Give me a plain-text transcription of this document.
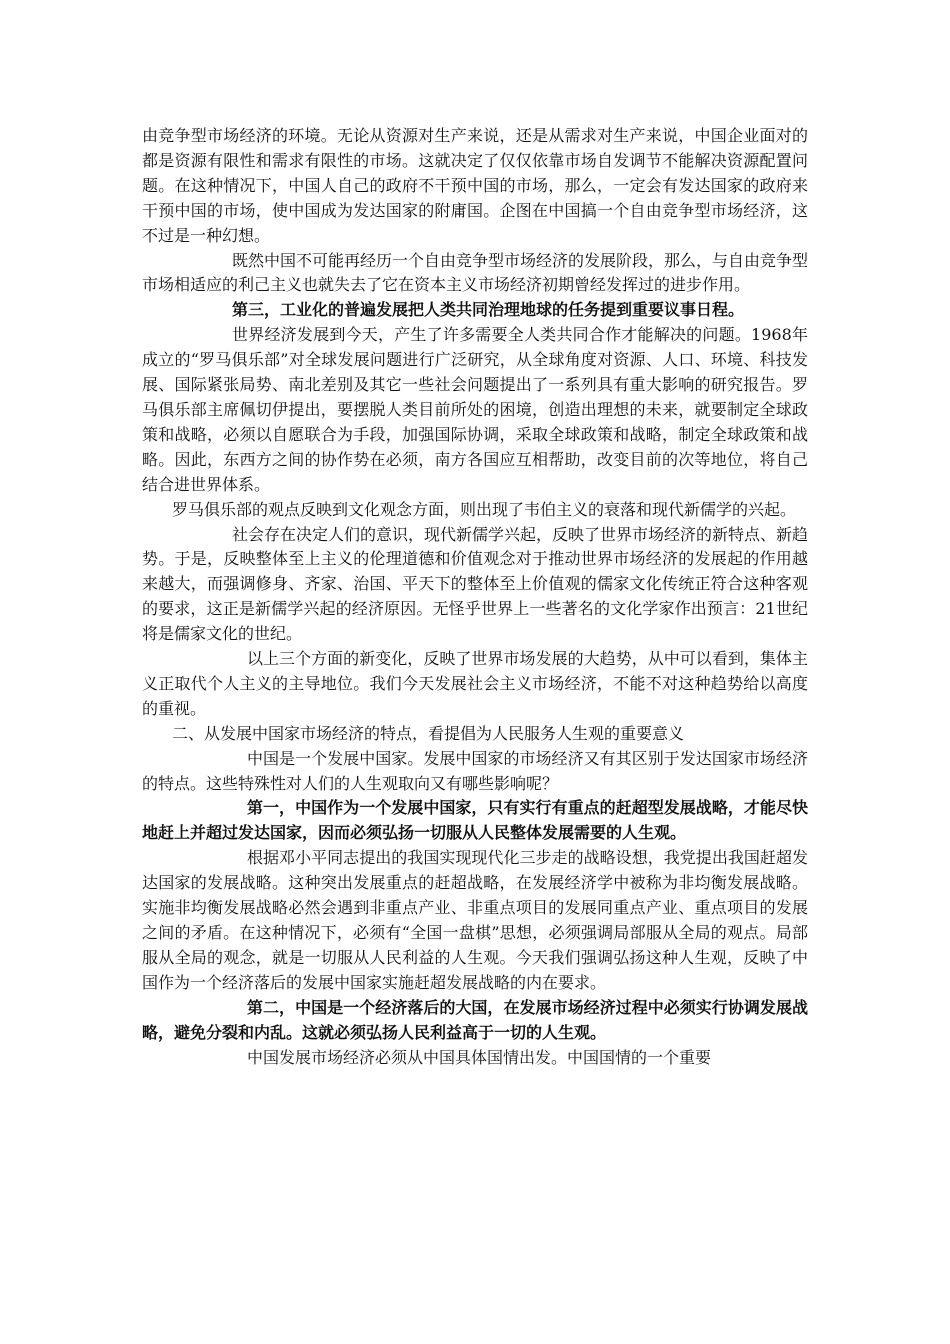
由竞争型市场经济的环境。无论从资源对生产来说，还是从需求对生产来说，中国企业面对的都是资源有限性和需求有限性的市场。这就决定了仅仅依靠市场自发调节不能解决资源配置问题。在这种情况下，中国人自己的政府不干预中国的市场，那么，一定会有发达国家的政府来干预中国的市场，使中国成为发达国家的附庸国。企图在中国搞一个自由竞争型市场经济，这不过是一种幻想。

既然中国不可能再经历一个自由竞争型市场经济的发展阶段，那么，与自由竞争型市场相适应的利己主义也就失去了它在资本主义市场经济初期曾经发挥过的进步作用。

第三，工业化的普遍发展把人类共同治理地球的任务提到重要议事日程。

世界经济发展到今天，产生了许多需要全人类共同合作才能解决的问题。1968年成立的“罗马俱乐部”对全球发展问题进行广泛研究，从全球角度对资源、人口、环境、科技发展、国际紧张局势、南北差别及其它一些社会问题提出了一系列具有重大影响的研究报告。罗马俱乐部主席佩切伊提出，要摆脱人类目前所处的困境，创造出理想的未来，就要制定全球政策和战略，必须以自愿联合为手段，加强国际协调，采取全球政策和战略，制定全球政策和战略。因此，东西方之间的协作势在必须，南方各国应互相帮助，改变目前的次等地位，将自己结合进世界体系。

罗马俱乐部的观点反映到文化观念方面，则出现了韦伯主义的衰落和现代新儒学的兴起。

社会存在决定人们的意识，现代新儒学兴起，反映了世界市场经济的新特点、新趋势。于是，反映整体至上主义的伦理道德和价值观念对于推动世界市场经济的发展起的作用越来越大，而强调修身、齐家、治国、平天下的整体至上价值观的儒家文化传统正符合这种客观的要求，这正是新儒学兴起的经济原因。无怪乎世界上一些著名的文化学家作出预言：21世纪将是儒家文化的世纪。

以上三个方面的新变化，反映了世界市场发展的大趋势，从中可以看到，集体主义正取代个人主义的主导地位。我们今天发展社会主义市场经济，不能不对这种趋势给以高度的重视。

二、从发展中国家市场经济的特点，看提倡为人民服务人生观的重要意义

中国是一个发展中国家。发展中国家的市场经济又有其区别于发达国家市场经济的特点。这些特殊性对人们的人生观取向又有哪些影响呢？

第一，中国作为一个发展中国家，只有实行有重点的赶超型发展战略，才能尽快地赶上并超过发达国家，因而必须弘扬一切服从人民整体发展需要的人生观。

根据邓小平同志提出的我国实现现代化三步走的战略设想，我党提出我国赶超发达国家的发展战略。这种突出发展重点的赶超战略，在发展经济学中被称为非均衡发展战略。实施非均衡发展战略必然会遇到非重点产业、非重点项目的发展同重点产业、重点项目的发展之间的矛盾。在这种情况下，必须有“全国一盘棋”思想，必须强调局部服从全局的观点。局部服从全局的观念，就是一切服从人民利益的人生观。今天我们强调弘扬这种人生观，反映了中国作为一个经济落后的发展中国家实施赶超发展战略的内在要求。

第二，中国是一个经济落后的大国，在发展市场经济过程中必须实行协调发展战略，避免分裂和内乱。这就必须弘扬人民利益高于一切的人生观。

中国发展市场经济必须从中国具体国情出发。中国国情的一个重要
